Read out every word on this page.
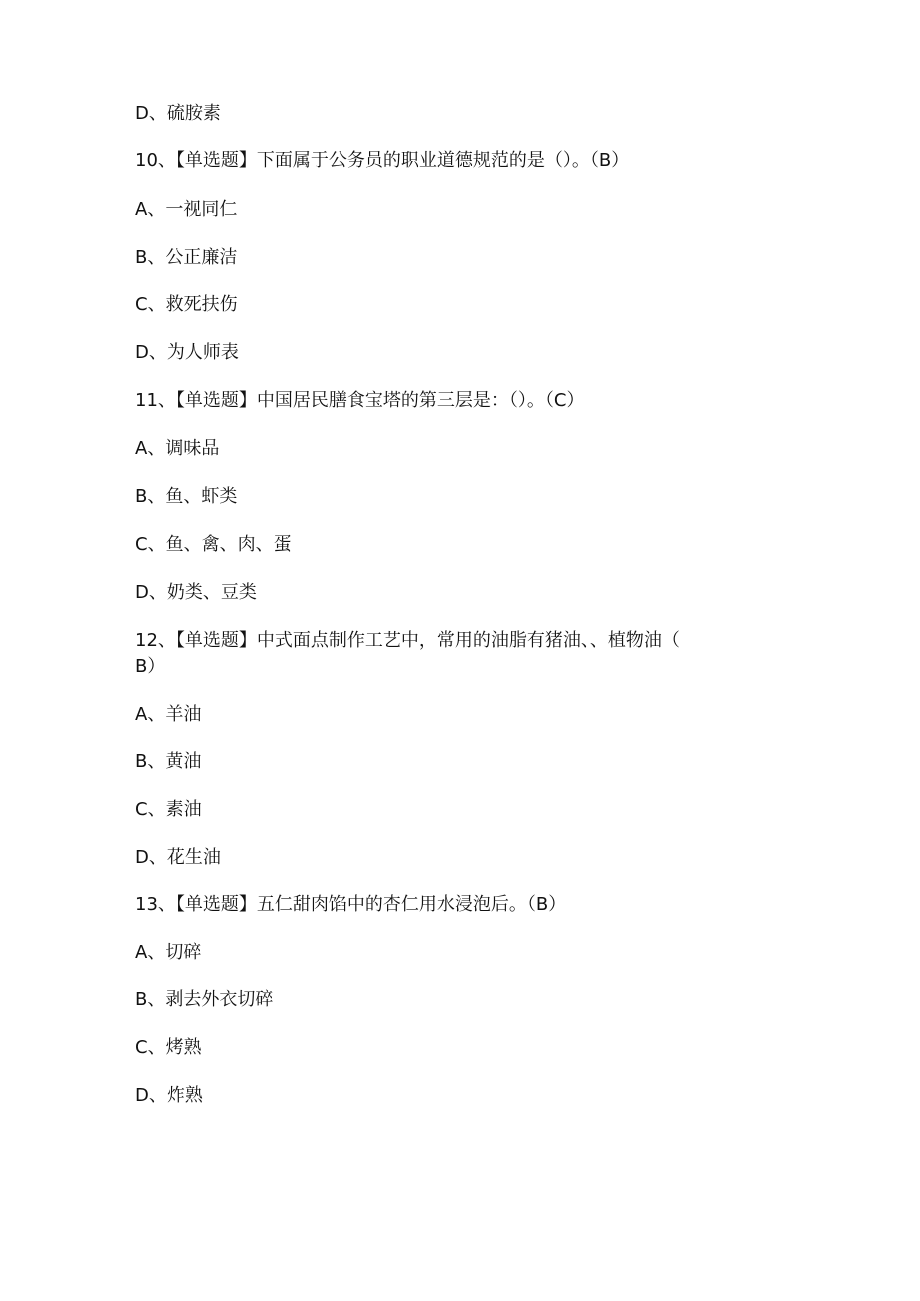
D、硫胺素
10、【单选题】下面属于公务员的职业道德规范的是（）。（B）
A、一视同仁
B、公正廉洁
C、救死扶伤
D、为人师表
11、【单选题】中国居民膳食宝塔的第三层是：（）。（C）
A、调味品
B、鱼、虾类
C、鱼、禽、肉、蛋
D、奶类、豆类
12、【单选题】中式面点制作工艺中，常用的油脂有猪油、、植物油（
B）
A、羊油
B、黄油
C、素油
D、花生油
13、【单选题】五仁甜肉馅中的杏仁用水浸泡后。（B）
A、切碎
B、剥去外衣切碎
C、烤熟
D、炸熟
